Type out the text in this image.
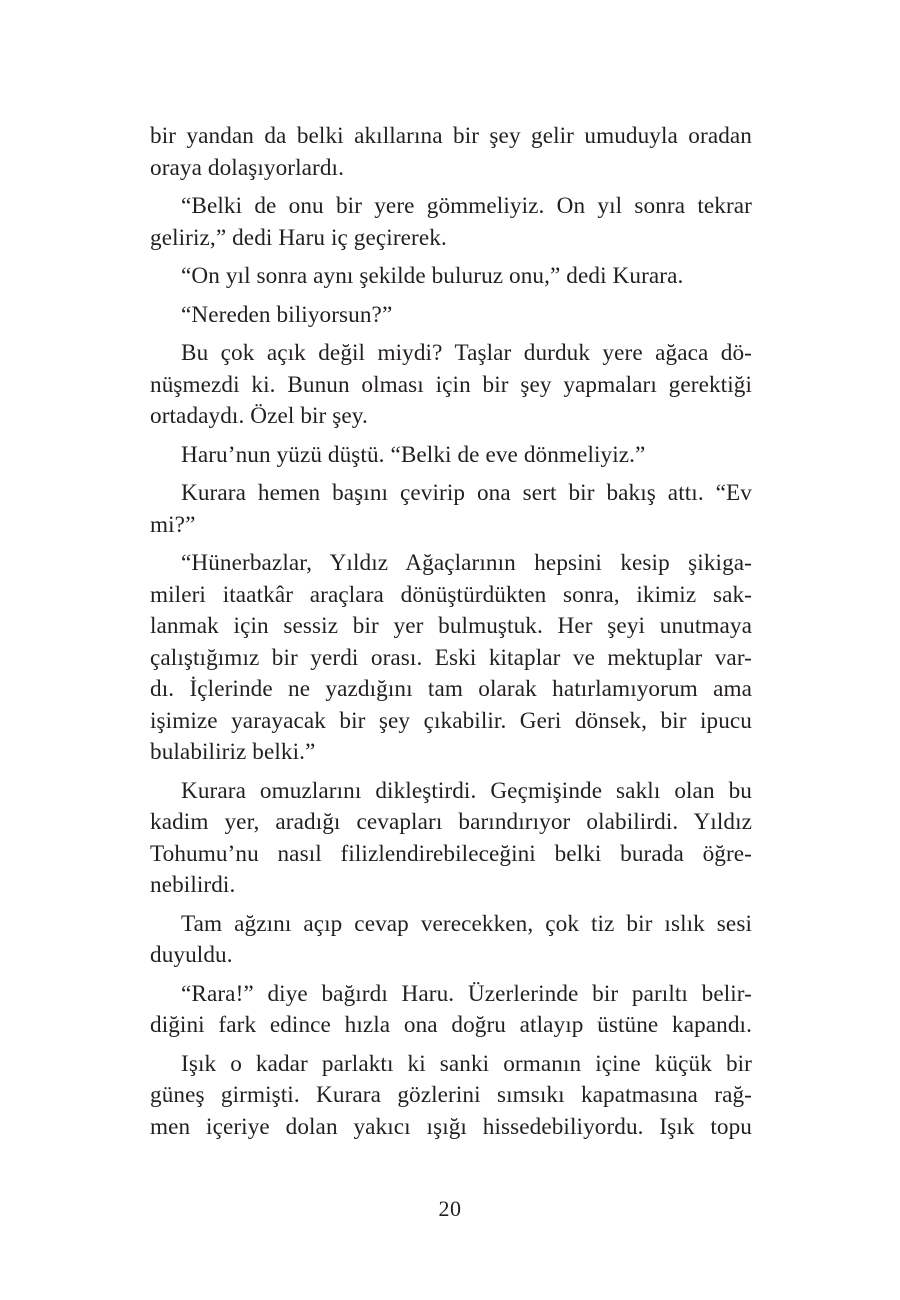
bir yandan da belki akıllarına bir şey gelir umuduyla oradan
oraya dolaşıyorlardı.
“Belki de onu bir yere gömmeliyiz. On yıl sonra tekrar
geliriz,” dedi Haru iç geçirerek.
“On yıl sonra aynı şekilde buluruz onu,” dedi Kurara.
“Nereden biliyorsun?”
Bu çok açık değil miydi? Taşlar durduk yere ağaca dö-
nüşmezdi ki. Bunun olması için bir şey yapmaları gerektiği
ortadaydı. Özel bir şey.
Haru’nun yüzü düştü. “Belki de eve dönmeliyiz.”
Kurara hemen başını çevirip ona sert bir bakış attı. “Ev
mi?”
“Hünerbazlar, Yıldız Ağaçlarının hepsini kesip şikiga-
mileri itaatkâr araçlara dönüştürdükten sonra, ikimiz sak-
lanmak için sessiz bir yer bulmuştuk. Her şeyi unutmaya
çalıştığımız bir yerdi orası. Eski kitaplar ve mektuplar var-
dı. İçlerinde ne yazdığını tam olarak hatırlamıyorum ama
işimize yarayacak bir şey çıkabilir. Geri dönsek, bir ipucu
bulabiliriz belki.”
Kurara omuzlarını dikleştirdi. Geçmişinde saklı olan bu
kadim yer, aradığı cevapları barındırıyor olabilirdi. Yıldız
Tohumu’nu nasıl filizlendirebileceğini belki burada öğre-
nebilirdi.
Tam ağzını açıp cevap verecekken, çok tiz bir ıslık sesi
duyuldu.
“Rara!” diye bağırdı Haru. Üzerlerinde bir parıltı belir-
diğini fark edince hızla ona doğru atlayıp üstüne kapandı.
Işık o kadar parlaktı ki sanki ormanın içine küçük bir
güneş girmişti. Kurara gözlerini sımsıkı kapatmasına rağ-
men içeriye dolan yakıcı ışığı hissedebiliyordu. Işık topu
20
